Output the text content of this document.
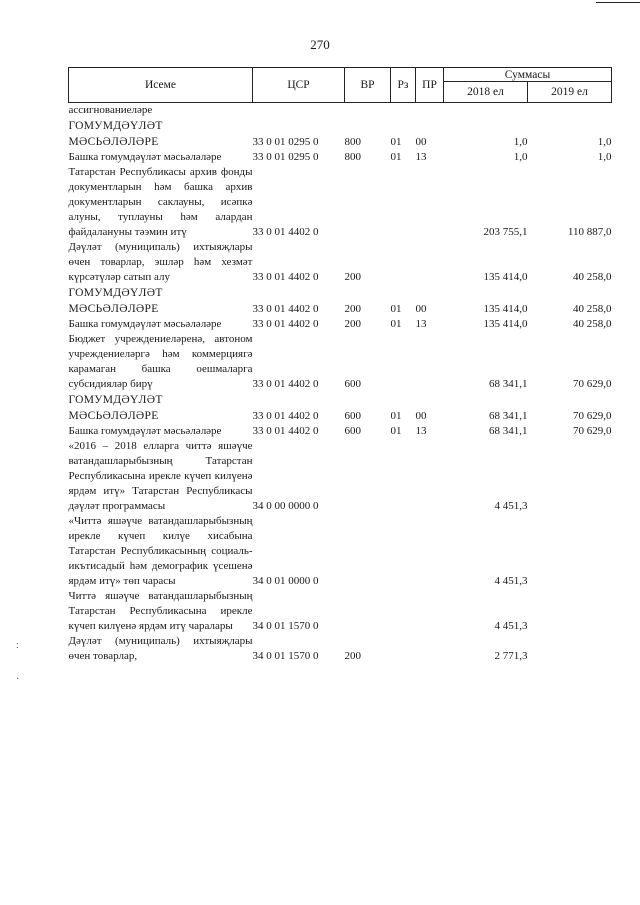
270
Исеме	ЦСР	ВР	Рз	ПР	Суммасы	
					2018 ел	2019 ел
ассигнованиеләре						
ГОМУМДӘҮЛӘТ МӘСЬӘЛӘЛӘРЕ	33 0 01 0295 0	800	01	00	1,0	1,0
Башка гомумдәүләт мәсьәләләре	33 0 01 0295 0	800	01	13	1,0	1,0
Татарстан Республикасы архив фонды документларын һәм башка архив документларын саклауны, исәпкә алуны, туплауны һәм алардан файдалануны тәэмин итү	33 0 01 4402 0				203 755,1	110 887,0
Дәүләт (муниципаль) ихтыяҗлары өчен товарлар, эшләр һәм хезмәт күрсәтүләр сатып алу	33 0 01 4402 0	200			135 414,0	40 258,0
ГОМУМДӘҮЛӘТ МӘСЬӘЛӘЛӘРЕ	33 0 01 4402 0	200	01	00	135 414,0	40 258,0
Башка гомумдәүләт мәсьәләләре	33 0 01 4402 0	200	01	13	135 414,0	40 258,0
Бюджет учреждениеләренә, автоном учреждениеләргә һәм коммерциягә карамаган башка оешмаларга субсидияләр бирү	33 0 01 4402 0	600			68 341,1	70 629,0
ГОМУМДӘҮЛӘТ МӘСЬӘЛӘЛӘРЕ	33 0 01 4402 0	600	01	00	68 341,1	70 629,0
Башка гомумдәүләт мәсьәләләре	33 0 01 4402 0	600	01	13	68 341,1	70 629,0
«2016 – 2018 елларга читтә яшәүче ватандашларыбызның Татарстан Республикасына ирекле күчеп килүенә ярдәм итү» Татарстан Республикасы дәүләт программасы	34 0 00 0000 0				4 451,3	
«Читтә яшәүче ватандашларыбызның ирекле күчеп килүе хисабына Татарстан Республикасының социаль-икътисадый һәм демографик үсешенә ярдәм итү» төп чарасы	34 0 01 0000 0				4 451,3	
Читтә яшәүче ватандашларыбызның Татарстан Республикасына ирекле күчеп килүенә ярдәм итү чаралары	34 0 01 1570 0				4 451,3	
Дәүләт (муниципаль) ихтыяҗлары өчен товарлар,	34 0 01 1570 0	200			2 771,3	
:
·
